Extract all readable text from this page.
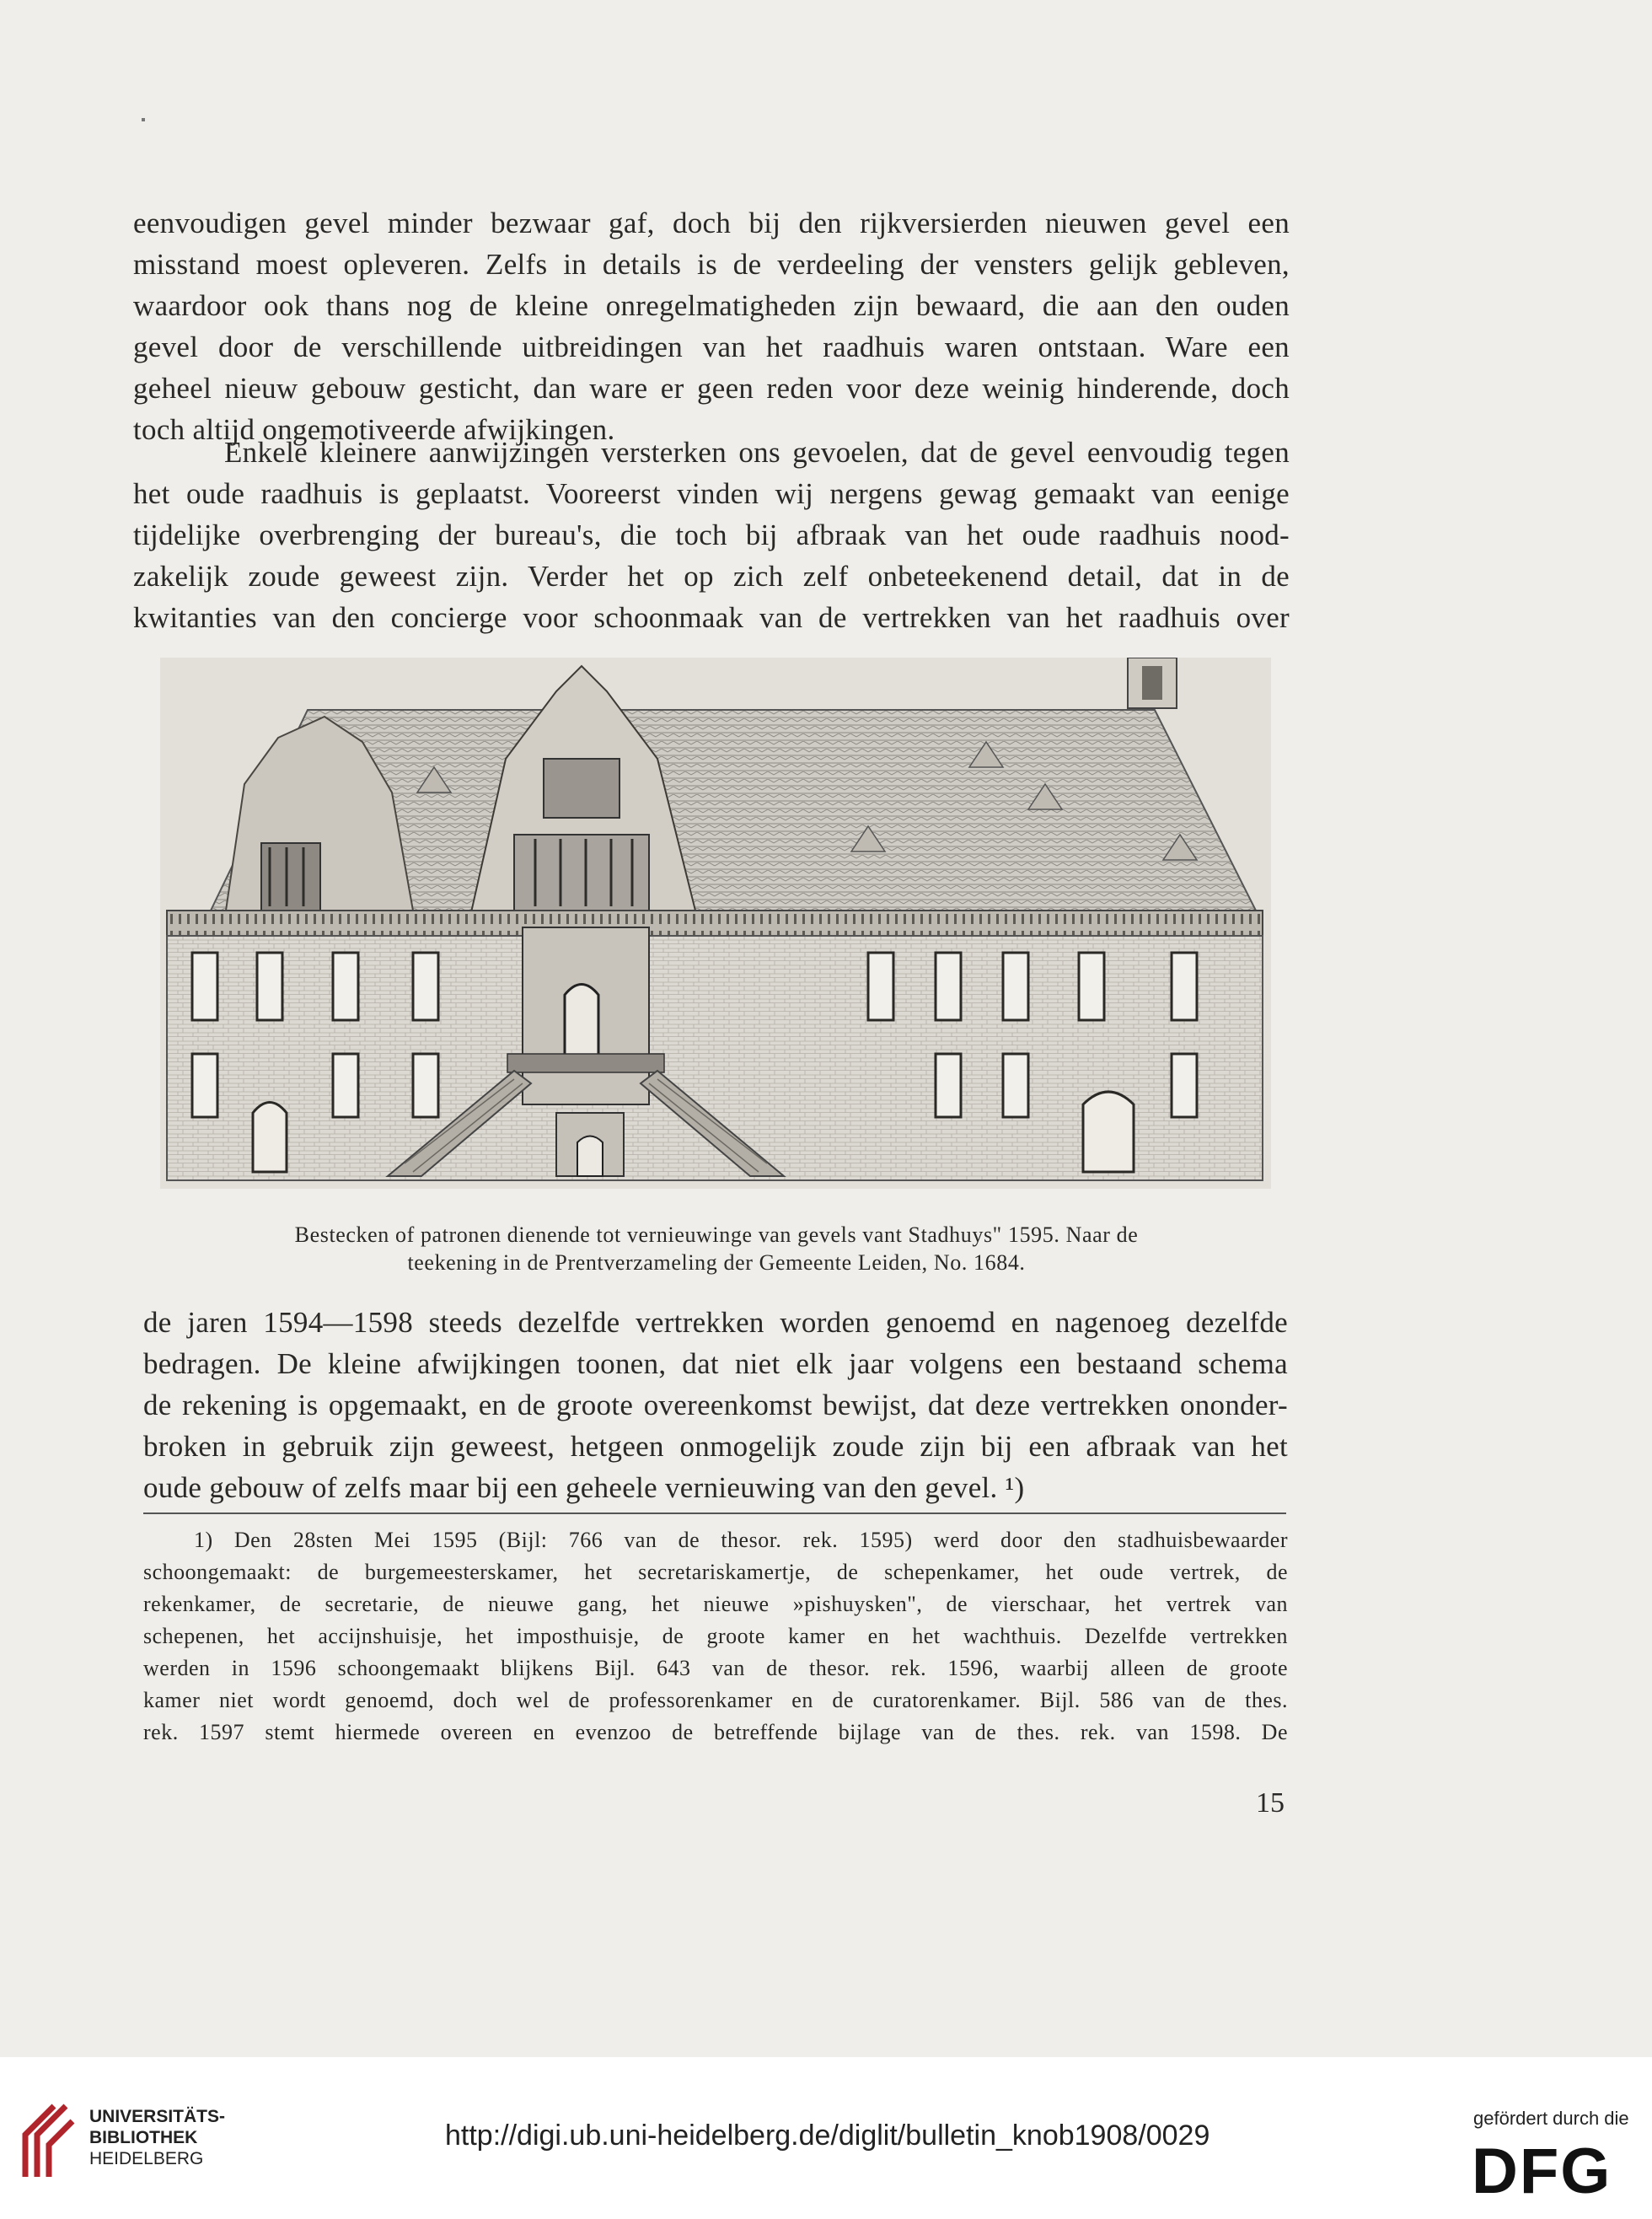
eenvoudigen gevel minder bezwaar gaf, doch bij den rijkversierden nieuwen gevel een
misstand moest opleveren. Zelfs in details is de verdeeling der vensters gelijk gebleven,
waardoor ook thans nog de kleine onregelmatigheden zijn bewaard, die aan den ouden
gevel door de verschillende uitbreidingen van het raadhuis waren ontstaan. Ware een
geheel nieuw gebouw gesticht, dan ware er geen reden voor deze weinig hinderende, doch
toch altijd ongemotiveerde afwijkingen.
Enkele kleinere aanwijzingen versterken ons gevoelen, dat de gevel eenvoudig tegen
het oude raadhuis is geplaatst. Vooreerst vinden wij nergens gewag gemaakt van eenige
tijdelijke overbrenging der bureau's, die toch bij afbraak van het oude raadhuis nood-
zakelijk zoude geweest zijn. Verder het op zich zelf onbeteekenend detail, dat in de
kwitanties van den concierge voor schoonmaak van de vertrekken van het raadhuis over
Bestecken of patronen dienende tot vernieuwinge van gevels vant Stadhuys" 1595. Naar de
teekening in de Prentverzameling der Gemeente Leiden, No. 1684.
de jaren 1594—1598 steeds dezelfde vertrekken worden genoemd en nagenoeg dezelfde
bedragen. De kleine afwijkingen toonen, dat niet elk jaar volgens een bestaand schema
de rekening is opgemaakt, en de groote overeenkomst bewijst, dat deze vertrekken ononder-
broken in gebruik zijn geweest, hetgeen onmogelijk zoude zijn bij een afbraak van het
oude gebouw of zelfs maar bij een geheele vernieuwing van den gevel. ¹)
1) Den 28sten Mei 1595 (Bijl: 766 van de thesor. rek. 1595) werd door den stadhuisbewaarder
schoongemaakt: de burgemeesterskamer, het secretariskamertje, de schepenkamer, het oude vertrek, de
rekenkamer, de secretarie, de nieuwe gang, het nieuwe »pishuysken", de vierschaar, het vertrek van
schepenen, het accijnshuisje, het imposthuisje, de groote kamer en het wachthuis. Dezelfde vertrekken
werden in 1596 schoongemaakt blijkens Bijl. 643 van de thesor. rek. 1596, waarbij alleen de groote
kamer niet wordt genoemd, doch wel de professorenkamer en de curatorenkamer. Bijl. 586 van de thes.
rek. 1597 stemt hiermede overeen en evenzoo de betreffende bijlage van de thes. rek. van 1598. De
15
UNIVERSITÄTS-
BIBLIOTHEK
HEIDELBERG
http://digi.ub.uni-heidelberg.de/diglit/bulletin_knob1908/0029
gefördert durch die
DFG
